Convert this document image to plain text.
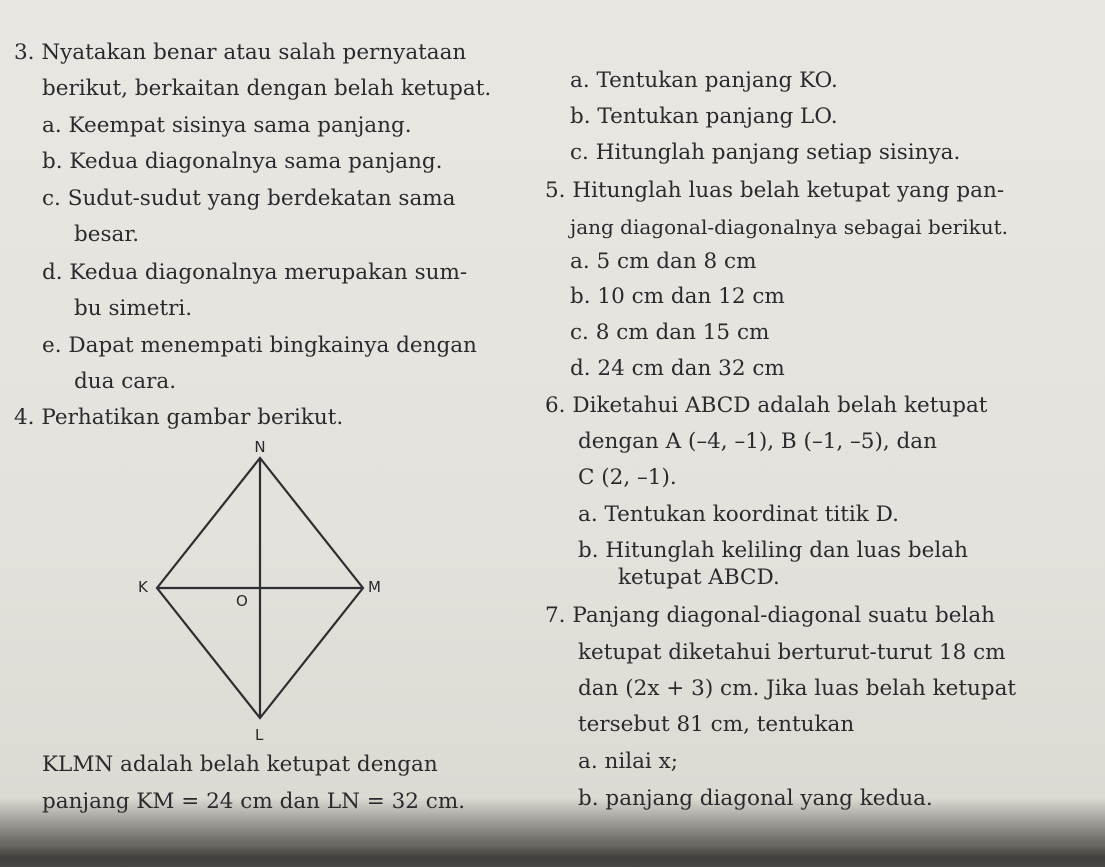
3. Nyatakan benar atau salah pernyataan
berikut, berkaitan dengan belah ketupat.
a. Keempat sisinya sama panjang.
b. Kedua diagonalnya sama panjang.
c. Sudut-sudut yang berdekatan sama
besar.
d. Kedua diagonalnya merupakan sum-
bu simetri.
e. Dapat menempati bingkainya dengan
dua cara.
4. Perhatikan gambar berikut.
N
K	M
O
L
KLMN adalah belah ketupat dengan
panjang KM = 24 cm dan LN = 32 cm.
a. Tentukan panjang KO.
b. Tentukan panjang LO.
c. Hitunglah panjang setiap sisinya.
5. Hitunglah luas belah ketupat yang pan-
jang diagonal-diagonalnya sebagai berikut.
a. 5 cm dan 8 cm
b. 10 cm dan 12 cm
c. 8 cm dan 15 cm
d. 24 cm dan 32 cm
6. Diketahui ABCD adalah belah ketupat
dengan A (–4, –1), B (–1, –5), dan
C (2, –1).
a. Tentukan koordinat titik D.
b. Hitunglah keliling dan luas belah
ketupat ABCD.
7. Panjang diagonal-diagonal suatu belah
ketupat diketahui berturut-turut 18 cm
dan (2x + 3) cm. Jika luas belah ketupat
tersebut 81 cm, tentukan
a. nilai x;
b. panjang diagonal yang kedua.
